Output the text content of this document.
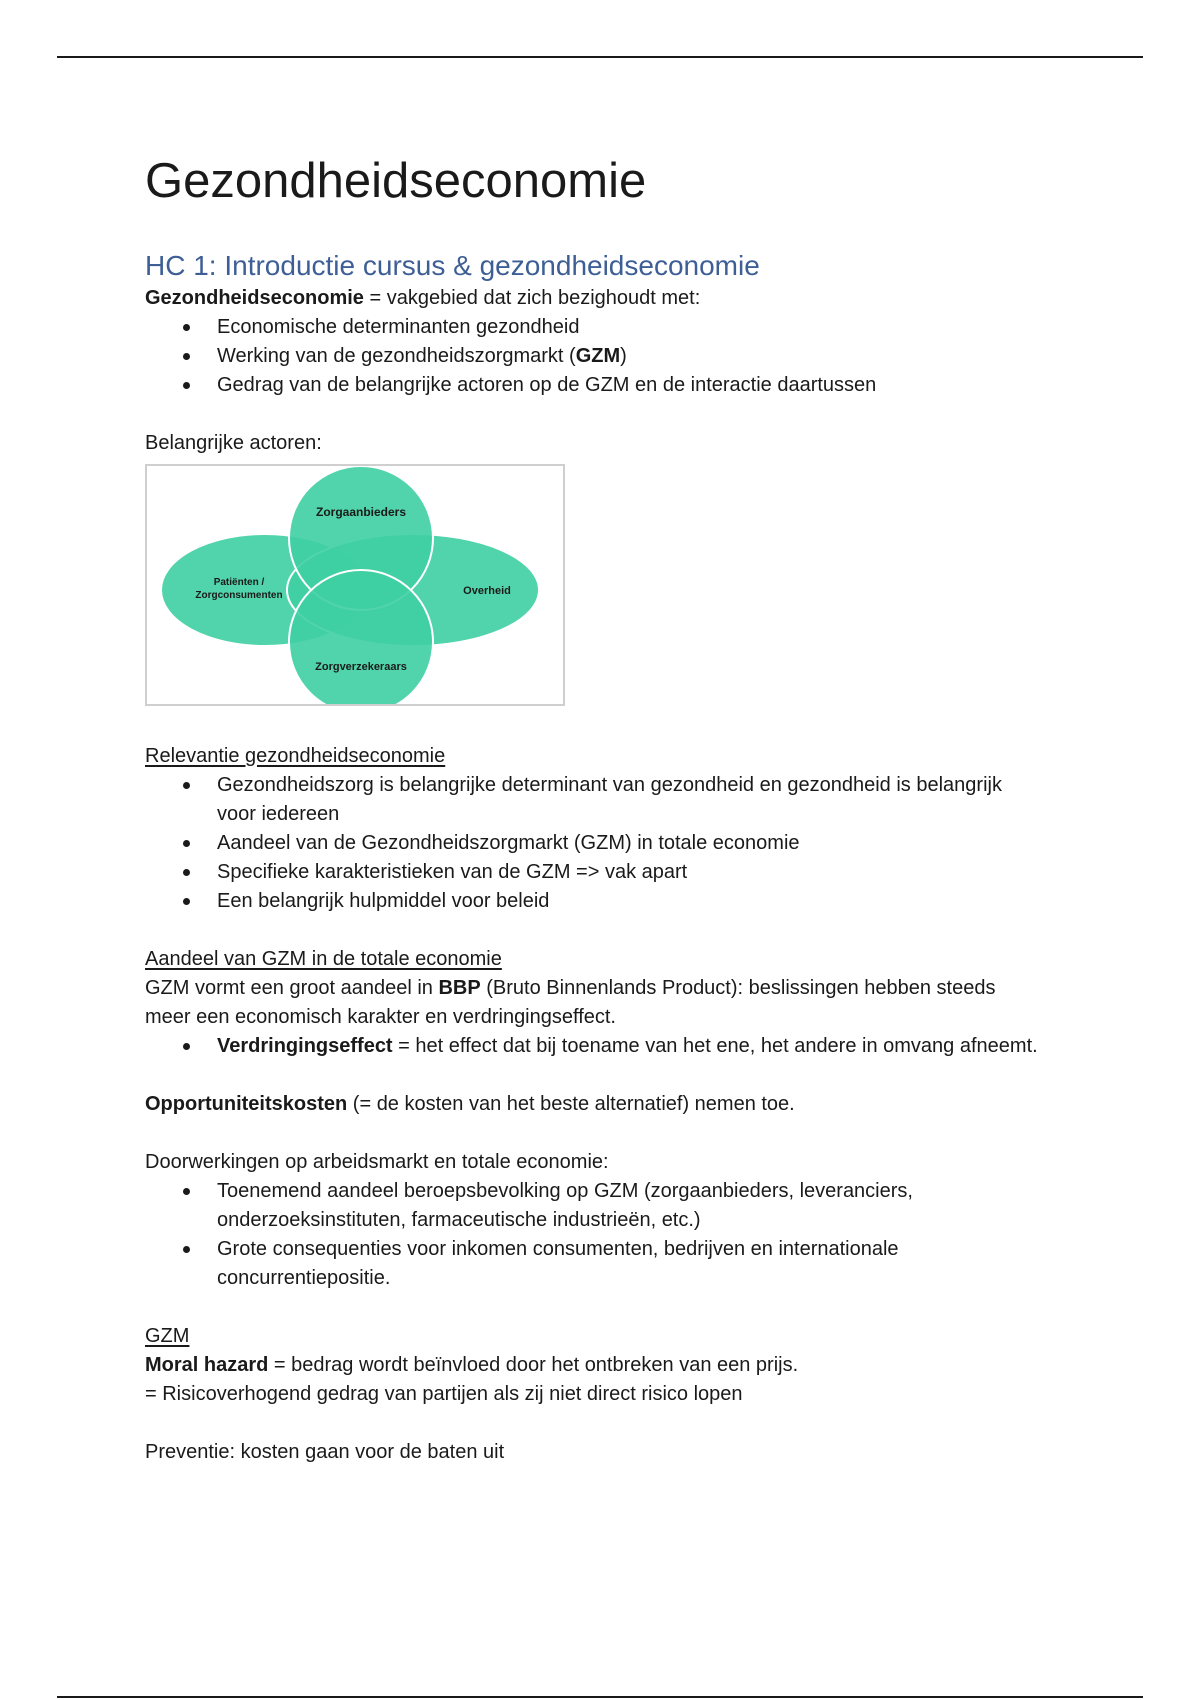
Gezondheidseconomie
HC 1: Introductie cursus & gezondheidseconomie

Gezondheidseconomie = vakgebied dat zich bezighoudt met:

Economische determinanten gezondheid
Werking van de gezondheidszorgmarkt (GZM)
Gedrag van de belangrijke actoren op de GZM en de interactie daartussen

Belangrijke actoren:

Zorgaanbieders
Patiënten /
Zorgconsumenten	Overheid
Zorgverzekeraars

Relevantie gezondheidseconomie

Gezondheidszorg is belangrijke determinant van gezondheid en gezondheid is belangrijk voor iedereen
Aandeel van de Gezondheidszorgmarkt (GZM) in totale economie
Specifieke karakteristieken van de GZM => vak apart
Een belangrijk hulpmiddel voor beleid

Aandeel van GZM in de totale economie

GZM vormt een groot aandeel in BBP (Bruto Binnenlands Product): beslissingen hebben steeds meer een economisch karakter en verdringingseffect.

Verdringingseffect = het effect dat bij toename van het ene, het andere in omvang afneemt.

Opportuniteitskosten (= de kosten van het beste alternatief) nemen toe.

Doorwerkingen op arbeidsmarkt en totale economie:

Toenemend aandeel beroepsbevolking op GZM (zorgaanbieders, leveranciers, onderzoeksinstituten, farmaceutische industrieën, etc.)
Grote consequenties voor inkomen consumenten, bedrijven en internationale concurrentiepositie.

GZM

Moral hazard = bedrag wordt beïnvloed door het ontbreken van een prijs.

= Risicoverhogend gedrag van partijen als zij niet direct risico lopen

Preventie: kosten gaan voor de baten uit
